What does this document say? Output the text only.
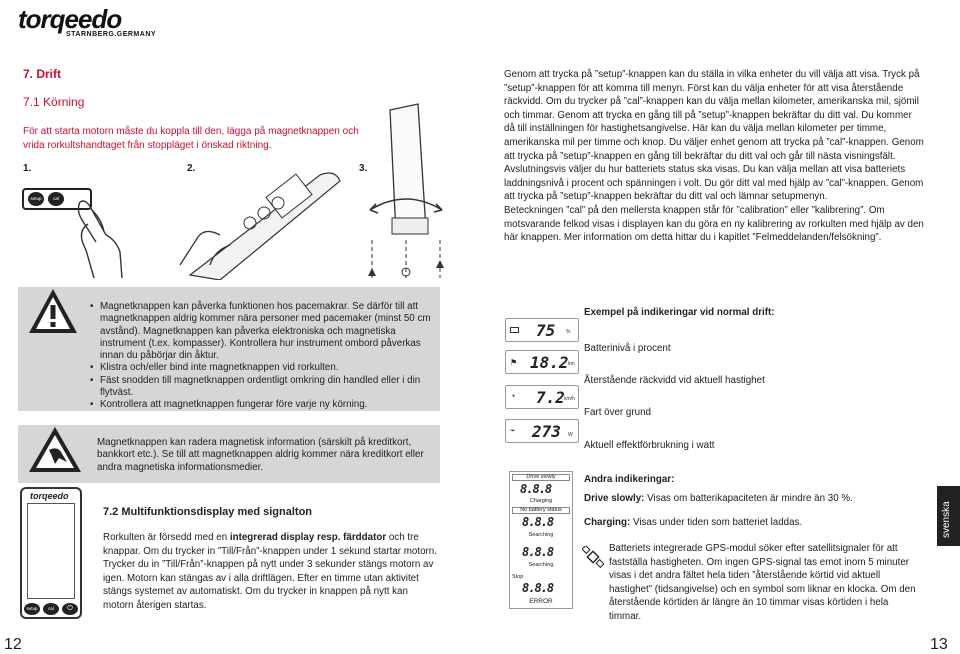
torqeedo
STARNBERG.GERMANY
7. Drift
7.1 Körning
För att starta motorn måste du koppla till den, lägga på magnetknappen och vrida rorkultshandtaget från stoppläget i önskad riktning.
1.	2.	3.
setup	cal
• Magnetknappen kan påverka funktionen hos pacemakrar. Se därför till att magnetknappen aldrig kommer nära personer med pacemaker (minst 50 cm avstånd). Magnetknappen kan påverka elektroniska och magnetiska instrument (t.ex. kompasser). Kontrollera hur instrument ombord påverkas innan du påbörjar din åktur.
• Klistra och/eller bind inte magnetknappen vid rorkulten.
• Fäst snodden till magnetknappen ordentligt omkring din handled eller i din flytväst.
• Kontrollera att magnetknappen fungerar före varje ny körning.
Magnetknappen kan radera magnetisk information (särskilt på kreditkort, bankkort etc.). Se till att magnetknappen aldrig kommer nära kreditkort eller andra magnetiska informationsmedier.
torqeedo
setup	cal	⏻
7.2 Multifunktionsdisplay med signalton
Rorkulten är försedd med en integrerad display resp. färddator och tre knappar. Om du trycker in ”Till/Från”-knappen under 1 sekund startar motorn. Trycker du in ”Till/Från”-knappen på nytt under 3 sekunder stängs motorn av igen. Motorn kan stängas av i alla driftlägen. Efter en timme utan aktivitet stängs systemet av automatiskt. Om du trycker in knappen på nytt kan motorn återigen startas.
12

Genom att trycka på ”setup”-knappen kan du ställa in vilka enheter du vill välja att visa. Tryck på ”setup”-knappen för att komma till menyn. Först kan du välja enheter för att visa återstående räckvidd. Om du trycker på ”cal”-knappen kan du välja mellan kilometer, amerikanska mil, sjömil och timmar. Genom att trycka en gång till på ”setup”-knappen bekräftar du ditt val. Du kommer då till inställningen för hastighetsangivelse. Här kan du välja mellan kilometer per timme, amerikanska mil per timme och knop. Du väljer enhet genom att trycka på ”cal”-knappen. Genom att trycka på ”setup”-knappen en gång till bekräftar du ditt val och går till nästa visningsfält.

Avslutningsvis väljer du hur batteriets status ska visas. Du kan välja mellan att visa batteriets laddningsnivå i procent och spänningen i volt. Du gör ditt val med hjälp av ”cal”-knappen. Genom att trycka på ”setup”-knappen bekräftar du ditt val och lämnar setupmenyn.

Beteckningen ”cal” på den mellersta knappen står för ”calibration” eller ”kalibrering”. Om motsvarande felkod visas i displayen kan du göra en ny kalibrering av rorkulten med hjälp av den här knappen. Mer information om detta hittar du i kapitlet ”Felmeddelanden/felsökning”.

Exempel på indikeringar vid normal drift:
75 %
⚑ 18.2 km
◔ 7.2 km/h
⌁ 273 W
Batterinivå i procent
Återstående räckvidd vid aktuell hastighet
Fart över grund
Aktuell effektförbrukning i watt
Drive slowly
8.8.8
Charging
No battery status
8.8.8
Searching
8.8.8
Searching
Stop
8.8.8
ERROR
Andra indikeringar:
Drive slowly: Visas om batterikapaciteten är mindre än 30 %.
Charging: Visas under tiden som batteriet laddas.
Batteriets integrerade GPS-modul söker efter satellitsignaler för att fastställa hastigheten. Om ingen GPS-signal tas emot inom 5 minuter visas i det andra fältet hela tiden ”återstående körtid vid aktuell hastighet” (tidsangivelse) och en symbol som liknar en klocka. Om den återstående körtiden är längre än 10 timmar visas körtiden i hela timmar.
svenska
13
